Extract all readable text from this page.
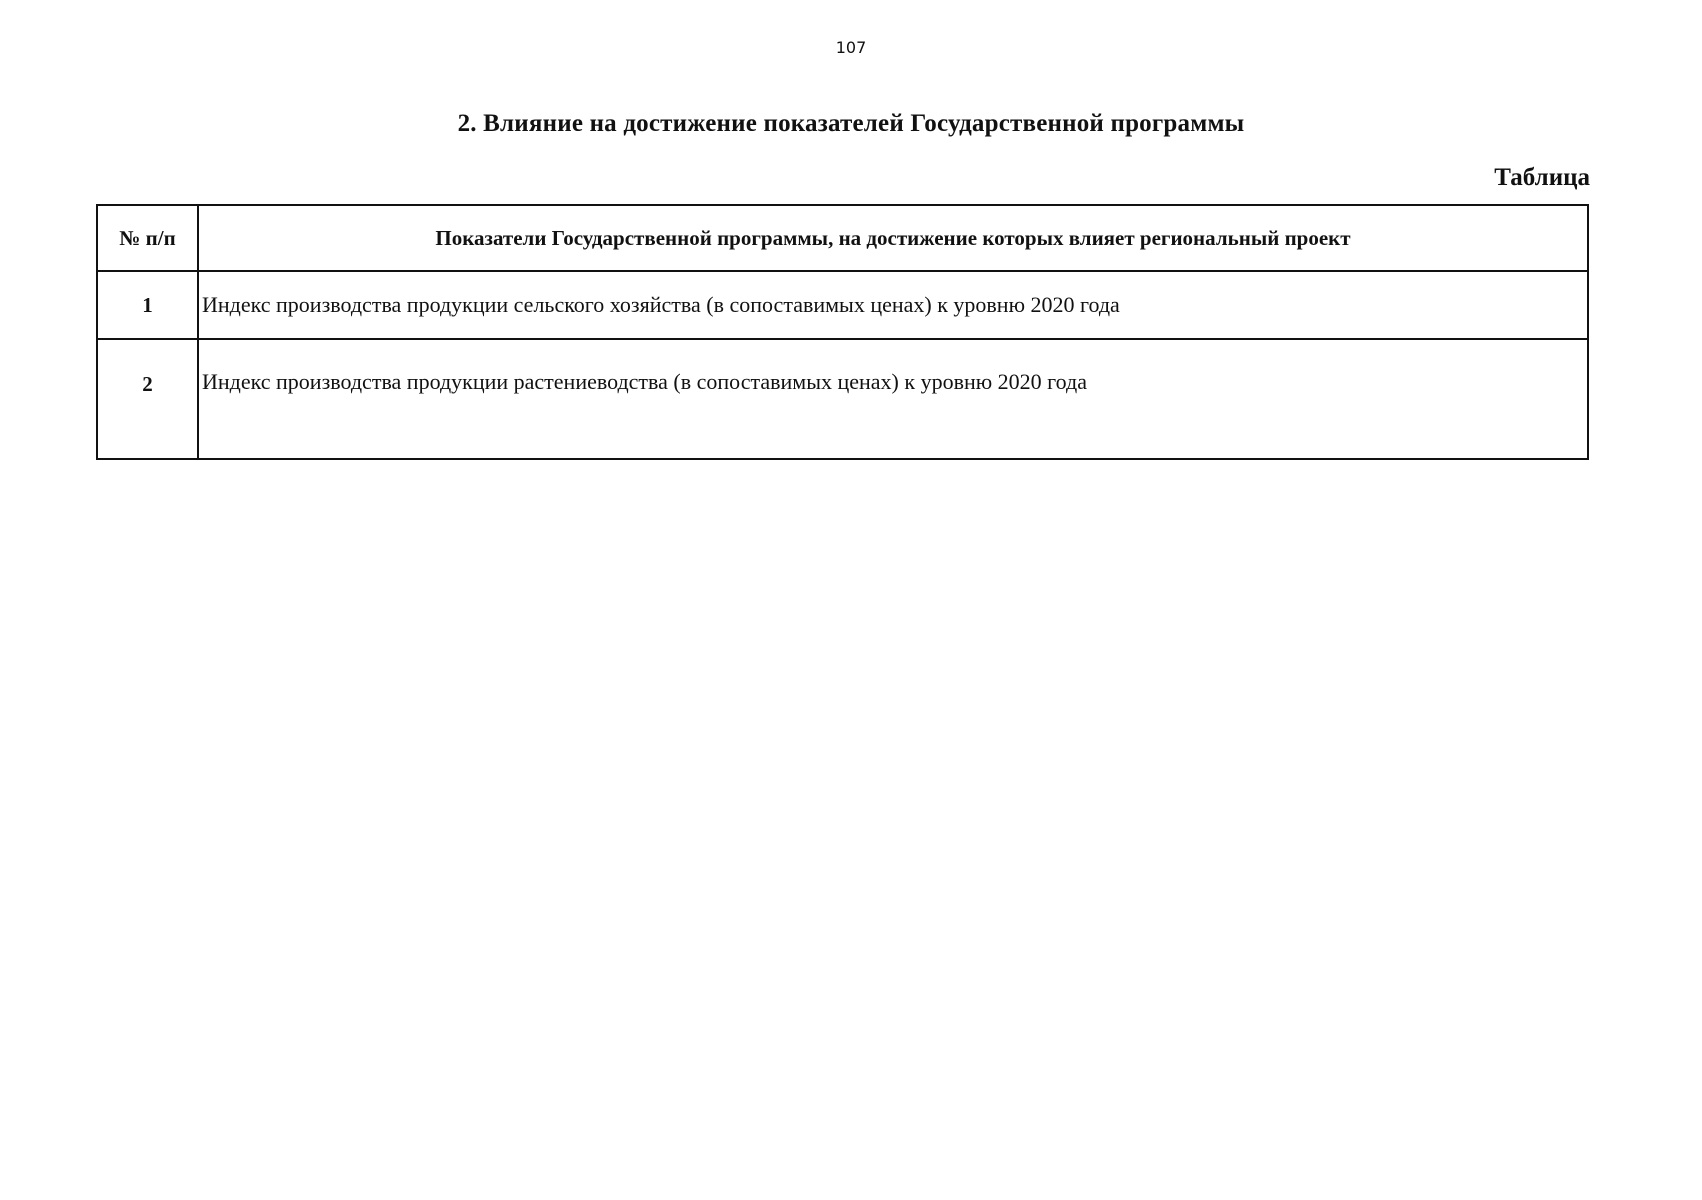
107
2. Влияние на достижение показателей Государственной программы
Таблица
№ п/п	Показатели Государственной программы, на достижение которых влияет региональный проект
1	Индекс производства продукции сельского хозяйства (в сопоставимых ценах) к уровню 2020 года
2	Индекс производства продукции растениеводства (в сопоставимых ценах) к уровню 2020 года
